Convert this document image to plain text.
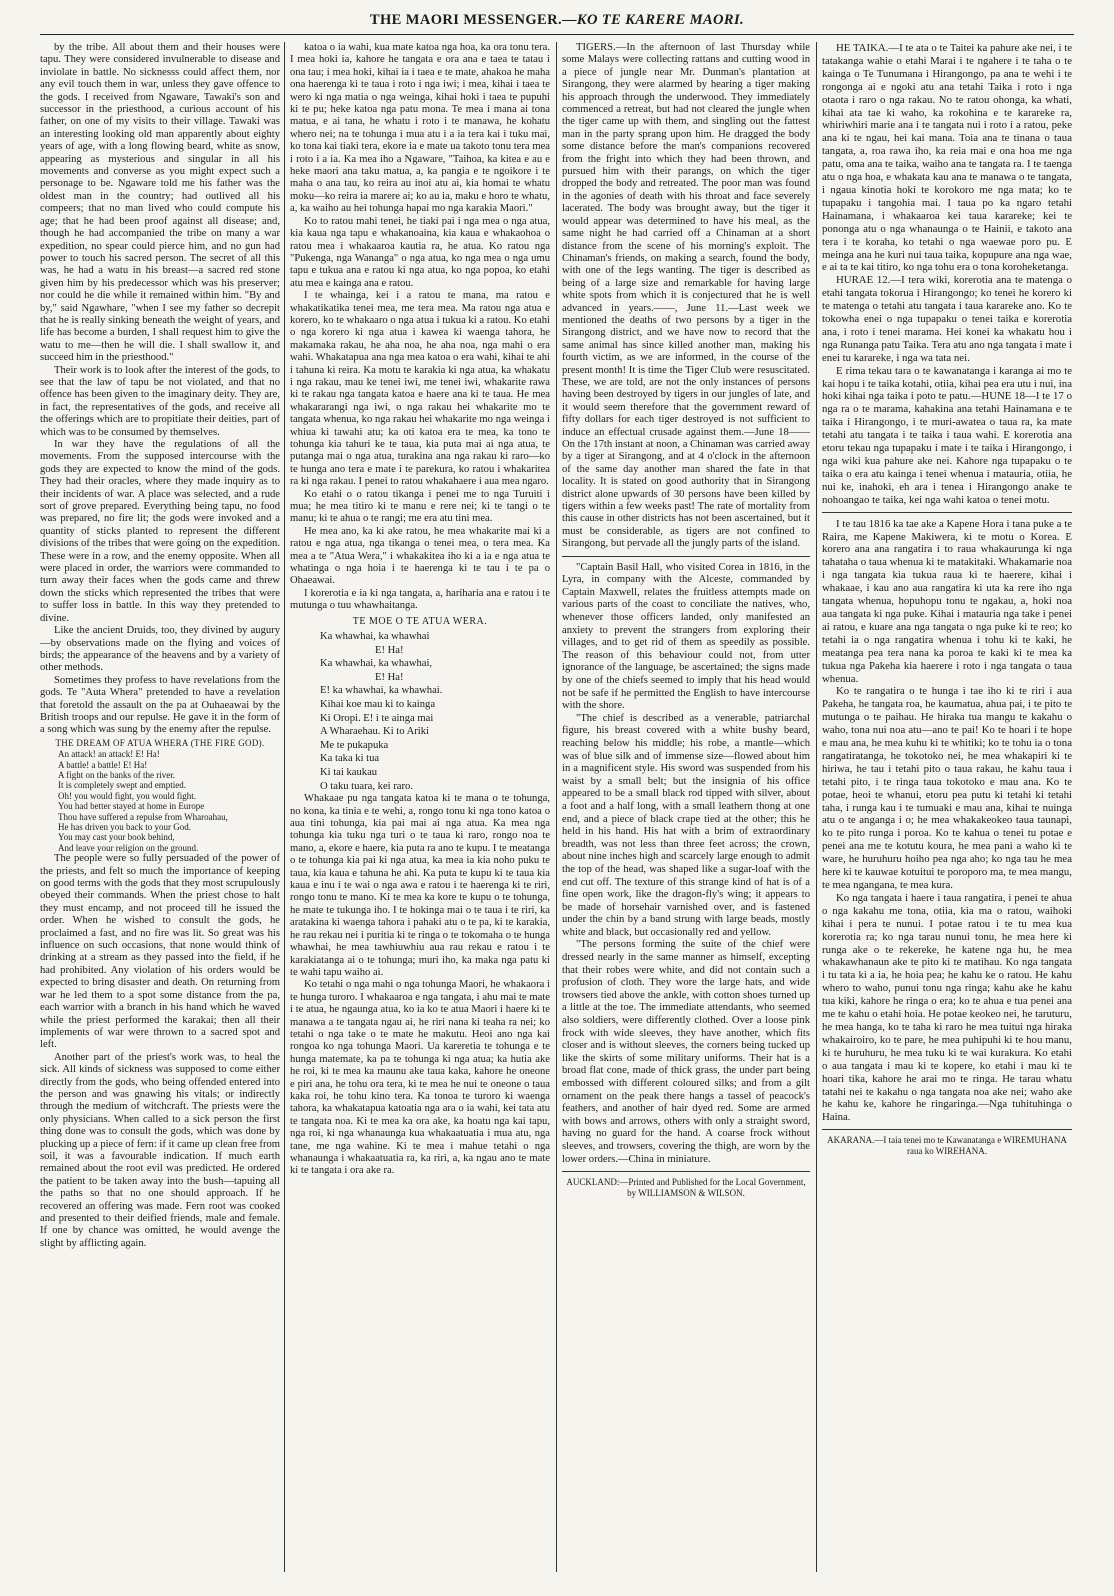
THE MAORI MESSENGER.—KO TE KARERE MAORI.

by the tribe. All about them and their houses were tapu. They were considered invulnerable to disease and inviolate in battle. No sicknesss could affect them, nor any evil touch them in war, unless they gave offence to the gods. I received from Ngaware, Tawaki's son and successor in the priesthood, a curious account of his father, on one of my visits to their village. Tawaki was an interesting looking old man apparently about eighty years of age, with a long flowing beard, white as snow, appearing as mysterious and singular in all his movements and converse as you might expect such a personage to be. Ngaware told me his father was the oldest man in the country; had outlived all his compeers; that no man lived who could compute his age; that he had been proof against all disease; and, though he had accompanied the tribe on many a war expedition, no spear could pierce him, and no gun had power to touch his sacred person. The secret of all this was, he had a watu in his breast—a sacred red stone given him by his predecessor which was his preserver; nor could he die while it remained within him. "By and by," said Ngawhare, "when I see my father so decrepit that he is really sinking beneath the weight of years, and life has become a burden, I shall request him to give the watu to me—then he will die. I shall swallow it, and succeed him in the priesthood."

Their work is to look after the interest of the gods, to see that the law of tapu be not violated, and that no offence has been given to the imaginary deity. They are, in fact, the representatives of the gods, and receive all the offerings which are to propitiate their deities, part of which was to be consumed by themselves.

In war they have the regulations of all the movements. From the supposed intercourse with the gods they are expected to know the mind of the gods. They had their oracles, where they made inquiry as to their incidents of war. A place was selected, and a rude sort of grove prepared. Everything being tapu, no food was prepared, no fire lit; the gods were invoked and a quantity of sticks planted to represent the different divisions of the tribes that were going on the expedition. These were in a row, and the enemy opposite. When all were placed in order, the warriors were commanded to turn away their faces when the gods came and threw down the sticks which represented the tribes that were to suffer loss in battle. In this way they pretended to divine.

Like the ancient Druids, too, they divined by augury—by observations made on the flying and voices of birds; the appearance of the heavens and by a variety of other methods.

Sometimes they profess to have revelations from the gods. Te "Auta Whera" pretended to have a revelation that foretold the assault on the pa at Ouhaeawai by the British troops and our repulse. He gave it in the form of a song which was sung by the enemy after the repulse.

THE DREAM OF ATUA WHERA (THE FIRE GOD).

An attack! an attack! E! Ha!
A battle! a battle! E! Ha!
A fight on the banks of the river.
It is completely swept and emptied.
Oh! you would fight, you would fight.
You had better stayed at home in Europe
Thou have suffered a repulse from Wharoahau,
He has driven you back to your God.
You may cast your book behind,
And leave your religion on the ground.

The people were so fully persuaded of the power of the priests, and felt so much the importance of keeping on good terms with the gods that they most scrupulously obeyed their commands. When the priest chose to halt they must encamp, and not proceed till he issued the order. When he wished to consult the gods, he proclaimed a fast, and no fire was lit. So great was his influence on such occasions, that none would think of drinking at a stream as they passed into the field, if he had prohibited. Any violation of his orders would be expected to bring disaster and death. On returning from war he led them to a spot some distance from the pa, each warrior with a branch in his hand which he waved while the priest performed the karakai; then all their implements of war were thrown to a sacred spot and left.

Another part of the priest's work was, to heal the sick. All kinds of sickness was supposed to come either directly from the gods, who being offended entered into the person and was gnawing his vitals; or indirectly through the medium of witchcraft. The priests were the only physicians. When called to a sick person the first thing done was to consult the gods, which was done by plucking up a piece of fern: if it came up clean free from soil, it was a favourable indication. If much earth remained about the root evil was predicted. He ordered the patient to be taken away into the bush—tapuing all the paths so that no one should approach. If he recovered an offering was made. Fern root was cooked and presented to their deified friends, male and female. If one by chance was omitted, he would avenge the slight by afflicting again.

katoa o ia wahi, kua mate katoa nga hoa, ka ora tonu tera. I mea hoki ia, kahore he tangata e ora ana e taea te tatau i ona tau; i mea hoki, kihai ia i taea e te mate, ahakoa he maha ona haerenga ki te taua i roto i nga iwi; i mea, kihai i taea te wero ki nga matia o nga weinga, kihai hoki i taea te pupuhi ki te pu; heke katoa nga patu mona. Te mea i mana ai tona matua, e ai tana, he whatu i roto i te manawa, he kohatu whero nei; na te tohunga i mua atu i a ia tera kai i tuku mai, ko tona kai tiaki tera, ekore ia e mate ua takoto tonu tera mea i roto i a ia. Ka mea iho a Ngaware, "Taihoa, ka kitea e au e heke maori ana taku matua, a, ka pangia e te ngoikore i te maha o ana tau, ko reira au inoi atu ai, kia homai te whatu moku—ko reira ia marere ai; ko au ia, maku e horo te whatu, a, ka waiho au hei tohunga hapai mo nga karakia Maori."

Ko to ratou mahi tenei, he tiaki pai i nga mea o nga atua, kia kaua nga tapu e whakanoaina, kia kaua e whakaohoa o ratou mea i whakaaroa kautia ra, he atua. Ko ratou nga "Pukenga, nga Wananga" o nga atua, ko nga mea o nga umu tapu e tukua ana e ratou ki nga atua, ko nga popoa, ko etahi atu mea e kainga ana e ratou.

I te whainga, kei i a ratou te mana, ma ratou e whakatikatika tenei mea, me tera mea. Ma ratou nga atua e korero, ko te whakaaro o nga atua i tukua ki a ratou. Ko etahi o nga korero ki nga atua i kawea ki waenga tahora, he makamaka rakau, he aha noa, he aha noa, nga mahi o era wahi. Whakatapua ana nga mea katoa o era wahi, kihai te ahi i tahuna ki reira. Ka motu te karakia ki nga atua, ka whakatu i nga rakau, mau ke tenei iwi, me tenei iwi, whakarite rawa ki te rakau nga tangata katoa e haere ana ki te taua. He mea whakararangi nga iwi, o nga rakau hei whakarite mo te tangata whenua, ko nga rakau hei whakarite mo nga weinga i whiua ki tawahi atu; ka oti katoa era te mea, ka tono te tohunga kia tahuri ke te taua, kia puta mai ai nga atua, te putanga mai o nga atua, turakina ana nga rakau ki raro—ko te hunga ano tera e mate i te parekura, ko ratou i whakaritea ra ki nga rakau. I penei to ratou whakahaere i aua mea ngaro.

Ko etahi o o ratou tikanga i penei me to nga Turuiti i mua; he mea titiro ki te manu e rere nei; ki te tangi o te manu; ki te ahua o te rangi; me era atu tini mea.

He mea ano, ka ki ake ratou, he mea whakarite mai ki a ratou e nga atua, nga tikanga o tenei mea, o tera mea. Ka mea a te "Atua Wera," i whakakitea iho ki a ia e nga atua te whatinga o nga hoia i te haerenga ki te tau i te pa o Ohaeawai.

I korerotia e ia ki nga tangata, a, hariharia ana e ratou i te mutunga o tuu whawhaitanga.

TE MOE O TE ATUA WERA.
Ka whawhai, ka whawhai
E! Ha!
Ka whawhai, ka whawhai,
E! Ha!
E! ka whawhai, ka whawhai.
Kihai koe mau ki to kainga
Ki Oropi. E! i te ainga mai
A Wharaehau. Ki to Ariki
Me te pukapuka
Ka taka ki tua
Ki tai kaukau
O taku tuara, kei raro.

Whakaae pu nga tangata katoa ki te mana o te tohunga, no kona, ka tinia e te wehi, a, rongo tonu ki nga tono katoa o aua tini tohunga, kia pai mai ai nga atua. Ka mea nga tohunga kia tuku nga turi o te taua ki raro, rongo noa te mano, a, ekore e haere, kia puta ra ano te kupu. I te meatanga o te tohunga kia pai ki nga atua, ka mea ia kia noho puku te taua, kia kaua e tahuna he ahi. Ka puta te kupu ki te taua kia kaua e inu i te wai o nga awa e ratou i te haerenga ki te riri, rongo tonu te mano. Ki te mea ka kore te kupu o te tohunga, he mate te tukunga iho. I te hokinga mai o te taua i te riri, ka aratakina ki waenga tahora i pahaki atu o te pa, ki te karakia, he rau rekau nei i puritia ki te ringa o te tokomaha o te hunga whawhai, he mea tawhiuwhiu aua rau rekau e ratou i te karakiatanga ai o te tohunga; muri iho, ka maka nga patu ki te wahi tapu waiho ai.

Ko tetahi o nga mahi o nga tohunga Maori, he whakaora i te hunga turoro. I whakaaroa e nga tangata, i ahu mai te mate i te atua, he ngaunga atua, ko ia ko te atua Maori i haere ki te manawa a te tangata ngau ai, he riri nana ki teaha ra nei; ko tetahi o nga take o te mate he makutu. Heoi ano nga kai rongoa ko nga tohunga Maori. Ua kareretia te tohunga e te hunga matemate, ka pa te tohunga ki nga atua; ka hutia ake he roi, ki te mea ka maunu ake taua kaka, kahore he oneone e piri ana, he tohu ora tera, ki te mea he nui te oneone o taua kaka roi, he tohu kino tera. Ka tonoa te turoro ki waenga tahora, ka whakatapua katoatia nga ara o ia wahi, kei tata atu te tangata noa. Ki te mea ka ora ake, ka hoatu nga kai tapu, nga roi, ki nga whanaunga kua whakaatuatia i mua atu, nga tane, me nga wahine. Ki te mea i mahue tetahi o nga whanaunga i whakaatuatia ra, ka riri, a, ka ngau ano te mate ki te tangata i ora ake ra.

TIGERS.—In the afternoon of last Thursday while some Malays were collecting rattans and cutting wood in a piece of jungle near Mr. Dunman's plantation at Sirangong, they were alarmed by hearing a tiger making his approach through the underwood. They immediately commenced a retreat, but had not cleared the jungle when the tiger came up with them, and singling out the fattest man in the party sprang upon him. He dragged the body some distance before the man's companions recovered from the fright into which they had been thrown, and pursued him with their parangs, on which the tiger dropped the body and retreated. The poor man was found in the agonies of death with his throat and face severely lacerated. The body was brought away, but the tiger it would appear was determined to have his meal, as the same night he had carried off a Chinaman at a short distance from the scene of his morning's exploit. The Chinaman's friends, on making a search, found the body, with one of the legs wanting. The tiger is described as being of a large size and remarkable for having large white spots from which it is conjectured that he is well advanced in years.——, June 11.—Last week we mentioned the deaths of two persons by a tiger in the Sirangong district, and we have now to record that the same animal has since killed another man, making his fourth victim, as we are informed, in the course of the present month! It is time the Tiger Club were resuscitated. These, we are told, are not the only instances of persons having been destroyed by tigers in our jungles of late, and it would seem therefore that the government reward of fifty dollars for each tiger destroyed is not sufficient to induce an effectual crusade against them.—June 18—— On the 17th instant at noon, a Chinaman was carried away by a tiger at Sirangong, and at 4 o'clock in the afternoon of the same day another man shared the fate in that locality. It is stated on good authority that in Sirangong district alone upwards of 30 persons have been killed by tigers within a few weeks past! The rate of mortality from this cause in other districts has not been ascertained, but it must be considerable, as tigers are not confined to Sirangong, but pervade all the jungly parts of the island.

"Captain Basil Hall, who visited Corea in 1816, in the Lyra, in company with the Alceste, commanded by Captain Maxwell, relates the fruitless attempts made on various parts of the coast to conciliate the natives, who, whenever those officers landed, only manifested an anxiety to prevent the strangers from exploring their villages, and to get rid of them as speedily as possible. The reason of this behaviour could not, from utter ignorance of the language, be ascertained; the signs made by one of the chiefs seemed to imply that his head would not be safe if he permitted the English to have intercourse with the shore.

"The chief is described as a venerable, patriarchal figure, his breast covered with a white bushy beard, reaching below his middle; his robe, a mantle—which was of blue silk and of immense size—flowed about him in a magnificent style. His sword was suspended from his waist by a small belt; but the insignia of his office appeared to be a small black rod tipped with silver, about a foot and a half long, with a small leathern thong at one end, and a piece of black crape tied at the other; this he held in his hand. His hat with a brim of extraordinary breadth, was not less than three feet across; the crown, about nine inches high and scarcely large enough to admit the top of the head, was shaped like a sugar-loaf with the end cut off. The texture of this strange kind of hat is of a fine open work, like the dragon-fly's wing; it appears to be made of horsehair varnished over, and is fastened under the chin by a band strung with large beads, mostly white and black, but occasionally red and yellow.

"The persons forming the suite of the chief were dressed nearly in the same manner as himself, excepting that their robes were white, and did not contain such a profusion of cloth. They wore the large hats, and wide trowsers tied above the ankle, with cotton shoes turned up a little at the toe. The immediate attendants, who seemed also soldiers, were differently clothed. Over a loose pink frock with wide sleeves, they have another, which fits closer and is without sleeves, the corners being tucked up like the skirts of some military uniforms. Their hat is a broad flat cone, made of thick grass, the under part being embossed with different coloured silks; and from a gilt ornament on the peak there hangs a tassel of peacock's feathers, and another of hair dyed red. Some are armed with bows and arrows, others with only a straight sword, having no guard for the hand. A coarse frock without sleeves, and trowsers, covering the thigh, are worn by the lower orders.—China in miniature.

AUCKLAND:—Printed and Published for the Local Government, by WILLIAMSON & WILSON.

HE TAIKA.—I te ata o te Taitei ka pahure ake nei, i te tatakanga wahie o etahi Marai i te ngahere i te taha o te kainga o Te Tunumana i Hirangongo, pa ana te wehi i te rongonga ai e ngoki atu ana tetahi Taika i roto i nga otaota i raro o nga rakau. No te ratou ohonga, ka whati, kihai ata tae ki waho, ka rokohina e te karareke ra, whiriwhiri marie ana i te tangata nui i roto i a ratou, peke ana ki te ngau, hei kai mana. Toia ana te tinana o taua tangata, a, roa rawa iho, ka reia mai e ona hoa me nga patu, oma ana te taika, waiho ana te tangata ra. I te taenga atu o nga hoa, e whakata kau ana te manawa o te tangata, i ngaua kinotia hoki te korokoro me nga mata; ko te tupapaku i tangohia mai. I taua po ka ngaro tetahi Hainamana, i whakaaroa kei taua karareke; kei te pononga atu o nga whanaunga o te Hainii, e takoto ana tera i te koraha, ko tetahi o nga waewae poro pu. E meinga ana he kuri nui taua taika, kopupure ana nga wae, e ai ta te kai titiro, ko nga tohu era o tona koroheketanga.

HURAE 12.—I tera wiki, korerotia ana te matenga o etahi tangata tokorua i Hirangongo; ko tenei he korero ki te matenga o tetahi atu tangata i taua karareke ano. Ko te tokowha enei o nga tupapaku o tenei taika e korerotia ana, i roto i tenei marama. Hei konei ka whakatu hou i nga Runanga patu Taika. Tera atu ano nga tangata i mate i enei tu karareke, i nga wa tata nei.

E rima tekau tara o te kawanatanga i karanga ai mo te kai hopu i te taika kotahi, otiia, kihai pea era utu i nui, ina hoki kihai nga taika i poto te patu.—HUNE 18—I te 17 o nga ra o te marama, kahakina ana tetahi Hainamana e te taika i Hirangongo, i te muri-awatea o taua ra, ka mate tetahi atu tangata i te taika i taua wahi. E korerotia ana etoru tekau nga tupapaku i mate i te taika i Hirangongo, i nga wiki kua pahure ake nei. Kahore nga tupapaku o te taika o era atu kainga i tenei whenua i matauria, otiia, he nui ke, inahoki, eh ara i tenea i Hirangongo anake te nohoangao te taika, kei nga wahi katoa o tenei motu.

I te tau 1816 ka tae ake a Kapene Hora i tana puke a te Raira, me Kapene Makiwera, ki te motu o Korea. E korero ana ana rangatira i to raua whakaurunga ki nga tahataha o taua whenua ki te matakitaki. Whakamarie noa i nga tangata kia tukua raua ki te haerere, kihai i whakaae, i kau ano aua rangatira ki uta ka rere iho nga tangata whenua, hopuhopu tonu te ngakau, a, hoki noa aua tangata ki nga puke. Kihai i matauria nga take i penei ai ratou, e kuare ana nga tangata o nga puke ki te reo; ko tetahi ia o nga rangatira whenua i tohu ki te kaki, he meatanga pea tera nana ka poroa te kaki ki te mea ka tukua nga Pakeha kia haerere i roto i nga tangata o taua whenua.

Ko te rangatira o te hunga i tae iho ki te riri i aua Pakeha, he tangata roa, he kaumatua, ahua pai, i te pito te mutunga o te paihau. He hiraka tua mangu te kakahu o waho, tona nui noa atu—ano te pai! Ko te hoari i te hope e mau ana, he mea kuhu ki te whitiki; ko te tohu ia o tona rangatiratanga, he tokotoko nei, he mea whakapiri ki te hiriwa, he tau i tetahi pito o taua rakau, he kahu taua i tetahi pito, i te ringa taua tokotoko e mau ana. Ko te potae, heoi te whanui, etoru pea putu ki tetahi ki tetahi taha, i runga kau i te tumuaki e mau ana, kihai te nuinga atu o te anganga i o; he mea whakakeokeo taua taunapi, ko te pito runga i poroa. Ko te kahua o tenei tu potae e penei ana me te kotutu koura, he mea pani a waho ki te ware, he huruhuru hoiho pea nga aho; ko nga tau he mea here ki te kauwae kotuitui te poroporo ma, te mea mangu, te mea ngangana, te mea kura.

Ko nga tangata i haere i taua rangatira, i penei te ahua o nga kakahu me tona, otiia, kia ma o ratou, waihoki kihai i pera te nunui. I potae ratou i te tu mea kua korerotia ra; ko nga tarau nunui tonu, he mea here ki runga ake o te rekereke, he katene nga hu, he mea whakawhanaun ake te pito ki te matihau. Ko nga tangata i tu tata ki a ia, he hoia pea; he kahu ke o ratou. He kahu whero to waho, punui tonu nga ringa; kahu ake he kahu tua kiki, kahore he ringa o era; ko te ahua e tua penei ana me te kahu o etahi hoia. He potae keokeo nei, he taruturu, he mea hanga, ko te taha ki raro he mea tuitui nga hiraka whakairoiro, ko te pare, he mea puhipuhi ki te hou manu, ki te huruhuru, he mea tuku ki te wai kurakura. Ko etahi o aua tangata i mau ki te kopere, ko etahi i mau ki te hoari tika, kahore he arai mo te ringa. He tarau whatu tatahi nei te kakahu o nga tangata noa ake nei; waho ake he kahu ke, kahore he ringaringa.—Nga tuhituhinga o Haina.

AKARANA.—I taia tenei mo te Kawanatanga e WIREMUHANA raua ko WIREHANA.
